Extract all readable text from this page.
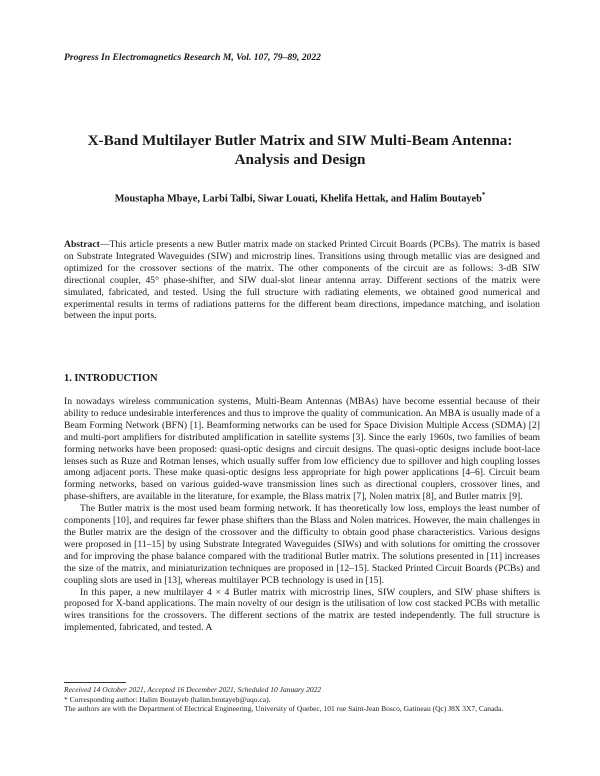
Progress In Electromagnetics Research M, Vol. 107, 79–89, 2022
X-Band Multilayer Butler Matrix and SIW Multi-Beam Antenna:
Analysis and Design
Moustapha Mbaye, Larbi Talbi, Siwar Louati, Khelifa Hettak, and Halim Boutayeb*
Abstract—This article presents a new Butler matrix made on stacked Printed Circuit Boards (PCBs). The matrix is based on Substrate Integrated Waveguides (SIW) and microstrip lines. Transitions using through metallic vias are designed and optimized for the crossover sections of the matrix. The other components of the circuit are as follows: 3-dB SIW directional coupler, 45° phase-shifter, and SIW dual-slot linear antenna array. Different sections of the matrix were simulated, fabricated, and tested. Using the full structure with radiating elements, we obtained good numerical and experimental results in terms of radiations patterns for the different beam directions, impedance matching, and isolation between the input ports.
1. INTRODUCTION

In nowadays wireless communication systems, Multi-Beam Antennas (MBAs) have become essential because of their ability to reduce undesirable interferences and thus to improve the quality of communication. An MBA is usually made of a Beam Forming Network (BFN) [1]. Beamforming networks can be used for Space Division Multiple Access (SDMA) [2] and multi-port amplifiers for distributed amplification in satellite systems [3]. Since the early 1960s, two families of beam forming networks have been proposed: quasi-optic designs and circuit designs. The quasi-optic designs include boot-lace lenses such as Ruze and Rotman lenses, which usually suffer from low efficiency due to spillover and high coupling losses among adjacent ports. These make quasi-optic designs less appropriate for high power applications [4–6]. Circuit beam forming networks, based on various guided-wave transmission lines such as directional couplers, crossover lines, and phase-shifters, are available in the literature, for example, the Blass matrix [7], Nolen matrix [8], and Butler matrix [9].

The Butler matrix is the most used beam forming network. It has theoretically low loss, employs the least number of components [10], and requires far fewer phase shifters than the Blass and Nolen matrices. However, the main challenges in the Butler matrix are the design of the crossover and the difficulty to obtain good phase characteristics. Various designs were proposed in [11–15] by using Substrate Integrated Waveguides (SIWs) and with solutions for omitting the crossover and for improving the phase balance compared with the traditional Butler matrix. The solutions presented in [11] increases the size of the matrix, and miniaturization techniques are proposed in [12–15]. Stacked Printed Circuit Boards (PCBs) and coupling slots are used in [13], whereas multilayer PCB technology is used in [15].

In this paper, a new multilayer 4 × 4 Butler matrix with microstrip lines, SIW couplers, and SIW phase shifters is proposed for X-band applications. The main novelty of our design is the utilisation of low cost stacked PCBs with metallic wires transitions for the crossovers. The different sections of the matrix are tested independently. The full structure is implemented, fabricated, and tested. A

Received 14 October 2021, Accepted 16 December 2021, Scheduled 10 January 2022
* Corresponding author: Halim Boutayeb (halim.boutayeb@uqo.ca).
The authors are with the Department of Electrical Engineering, University of Quebec, 101 rue Saint-Jean Bosco, Gatineau (Qc) J8X 3X7, Canada.
